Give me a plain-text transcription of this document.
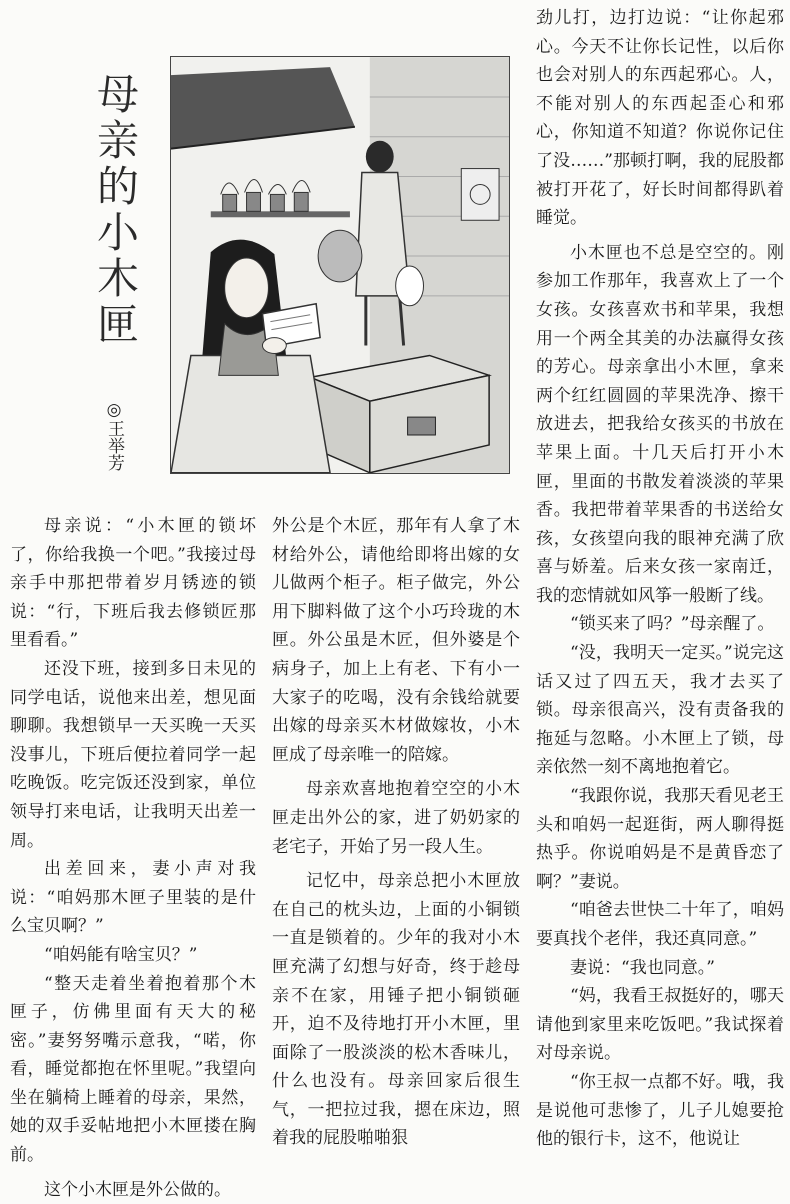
母亲的小木匣
◎王举芳

母亲说：“小木匣的锁坏了，你给我换一个吧。”我接过母亲手中那把带着岁月锈迹的锁说：“行，下班后我去修锁匠那里看看。”

还没下班，接到多日未见的同学电话，说他来出差，想见面聊聊。我想锁早一天买晚一天买没事儿，下班后便拉着同学一起吃晚饭。吃完饭还没到家，单位领导打来电话，让我明天出差一周。

出差回来，妻小声对我说：“咱妈那木匣子里装的是什么宝贝啊？”

“咱妈能有啥宝贝？”

“整天走着坐着抱着那个木匣子，仿佛里面有天大的秘密。”妻努努嘴示意我，“喏，你看，睡觉都抱在怀里呢。”我望向坐在躺椅上睡着的母亲，果然，她的双手妥帖地把小木匣搂在胸前。

这个小木匣是外公做的。

外公是个木匠，那年有人拿了木材给外公，请他给即将出嫁的女儿做两个柜子。柜子做完，外公用下脚料做了这个小巧玲珑的木匣。外公虽是木匠，但外婆是个病身子，加上上有老、下有小一大家子的吃喝，没有余钱给就要出嫁的母亲买木材做嫁妆，小木匣成了母亲唯一的陪嫁。

母亲欢喜地抱着空空的小木匣走出外公的家，进了奶奶家的老宅子，开始了另一段人生。

记忆中，母亲总把小木匣放在自己的枕头边，上面的小铜锁一直是锁着的。少年的我对小木匣充满了幻想与好奇，终于趁母亲不在家，用锤子把小铜锁砸开，迫不及待地打开小木匣，里面除了一股淡淡的松木香味儿，什么也没有。母亲回家后很生气，一把拉过我，摁在床边，照着我的屁股啪啪狠

劲儿打，边打边说：“让你起邪心。今天不让你长记性，以后你也会对别人的东西起邪心。人，不能对别人的东西起歪心和邪心，你知道不知道？你说你记住了没……”那顿打啊，我的屁股都被打开花了，好长时间都得趴着睡觉。

小木匣也不总是空空的。刚参加工作那年，我喜欢上了一个女孩。女孩喜欢书和苹果，我想用一个两全其美的办法赢得女孩的芳心。母亲拿出小木匣，拿来两个红红圆圆的苹果洗净、擦干放进去，把我给女孩买的书放在苹果上面。十几天后打开小木匣，里面的书散发着淡淡的苹果香。我把带着苹果香的书送给女孩，女孩望向我的眼神充满了欣喜与娇羞。后来女孩一家南迁，我的恋情就如风筝一般断了线。

“锁买来了吗？”母亲醒了。

“没，我明天一定买。”说完这话又过了四五天，我才去买了锁。母亲很高兴，没有责备我的拖延与忽略。小木匣上了锁，母亲依然一刻不离地抱着它。

“我跟你说，我那天看见老王头和咱妈一起逛街，两人聊得挺热乎。你说咱妈是不是黄昏恋了啊？”妻说。

“咱爸去世快二十年了，咱妈要真找个老伴，我还真同意。”

妻说：“我也同意。”

“妈，我看王叔挺好的，哪天请他到家里来吃饭吧。”我试探着对母亲说。

“你王叔一点都不好。哦，我是说他可悲惨了，儿子儿媳要抢他的银行卡，这不，他说让
